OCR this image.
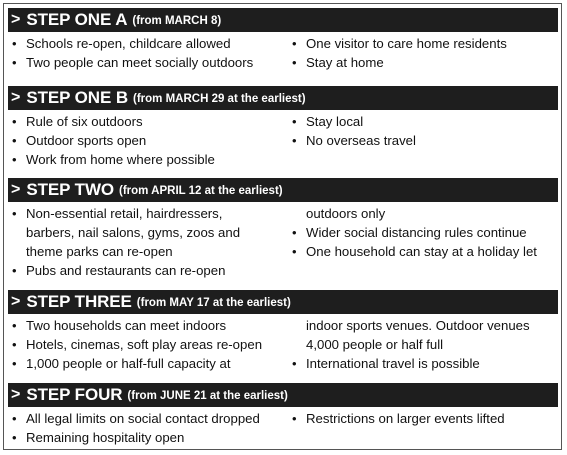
> STEP ONE A (from MARCH 8)
• Schools re-open, childcare allowed
• Two people can meet socially outdoors
• One visitor to care home residents
• Stay at home
> STEP ONE B (from MARCH 29 at the earliest)
• Rule of six outdoors
• Outdoor sports open
• Work from home where possible
• Stay local
• No overseas travel
> STEP TWO (from APRIL 12 at the earliest)
• Non-essential retail, hairdressers,
barbers, nail salons, gyms, zoos and
theme parks can re-open
• Pubs and restaurants can re-open
outdoors only
• Wider social distancing rules continue
• One household can stay at a holiday let
> STEP THREE (from MAY 17 at the earliest)
• Two households can meet indoors
• Hotels, cinemas, soft play areas re-open
• 1,000 people or half-full capacity at
indoor sports venues. Outdoor venues
4,000 people or half full
• International travel is possible
> STEP FOUR (from JUNE 21 at the earliest)
• All legal limits on social contact dropped
• Remaining hospitality open
• Restrictions on larger events lifted
